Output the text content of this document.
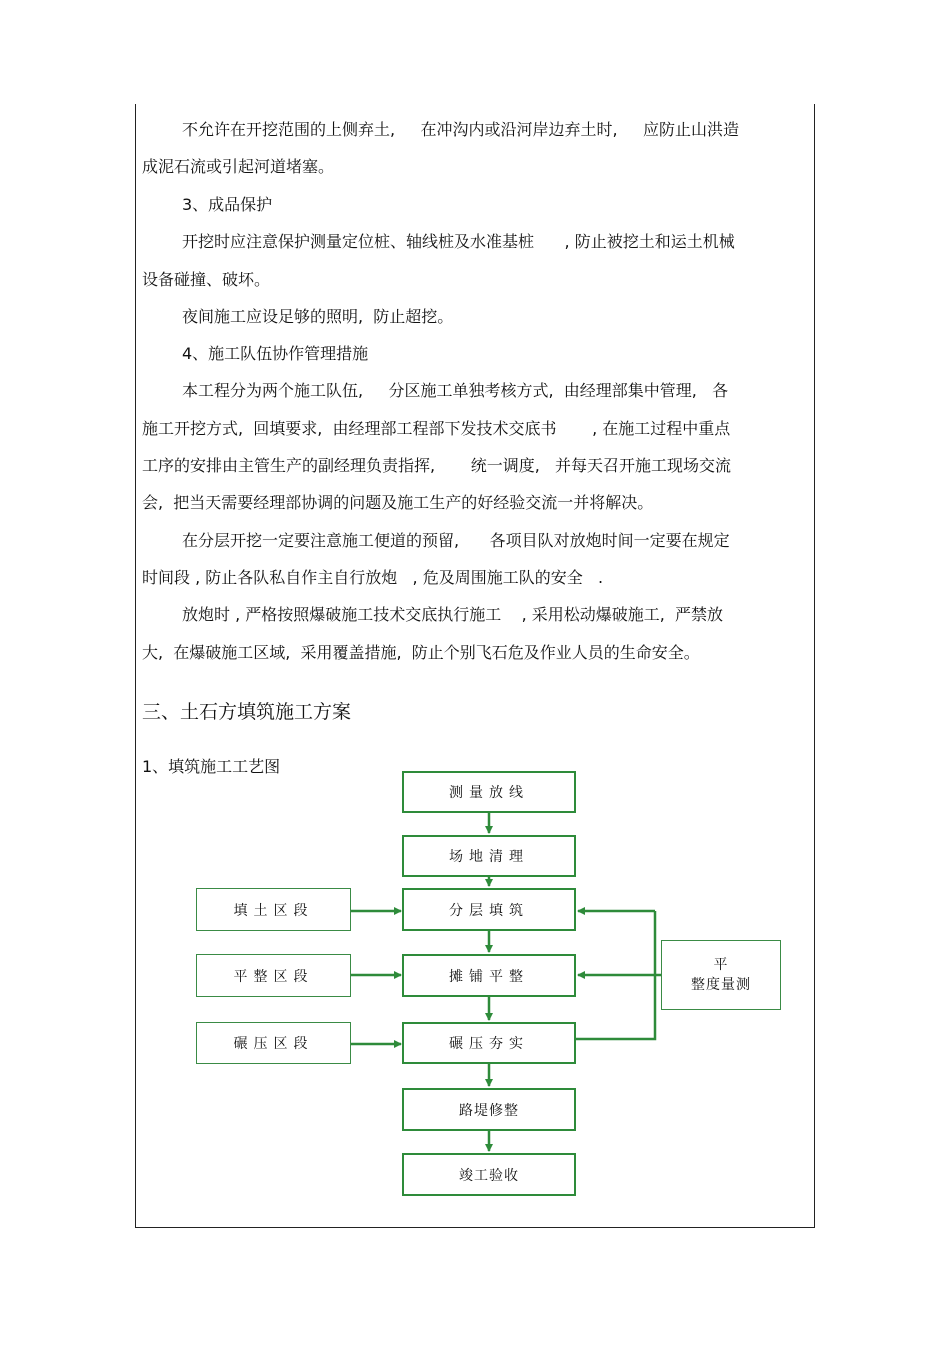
不允许在开挖范围的上侧弃土,     在冲沟内或沿河岸边弃土时,     应防止山洪造
成泥石流或引起河道堵塞。
3、成品保护
开挖时应注意保护测量定位桩、轴线桩及水准基桩      , 防止被挖土和运土机械
设备碰撞、破坏。
夜间施工应设足够的照明,  防止超挖。
4、施工队伍协作管理措施
本工程分为两个施工队伍,     分区施工单独考核方式,  由经理部集中管理,   各
施工开挖方式,  回填要求,  由经理部工程部下发技术交底书       , 在施工过程中重点
工序的安排由主管生产的副经理负责指挥,       统一调度,   并每天召开施工现场交流
会,  把当天需要经理部协调的问题及施工生产的好经验交流一并将解决。
在分层开挖一定要注意施工便道的预留,      各项目队对放炮时间一定要在规定
时间段 , 防止各队私自作主自行放炮   , 危及周围施工队的安全   .
放炮时 , 严格按照爆破施工技术交底执行施工    , 采用松动爆破施工,  严禁放
大,  在爆破施工区域,  采用覆盖措施,  防止个别飞石危及作业人员的生命安全。
三、土石方填筑施工方案
1、填筑施工工艺图
测量放线
场地清理
分层填筑
摊铺平整
碾压夯实
路堤修整
竣工验收
填土区段
平整区段
碾压区段
平
整度量测
